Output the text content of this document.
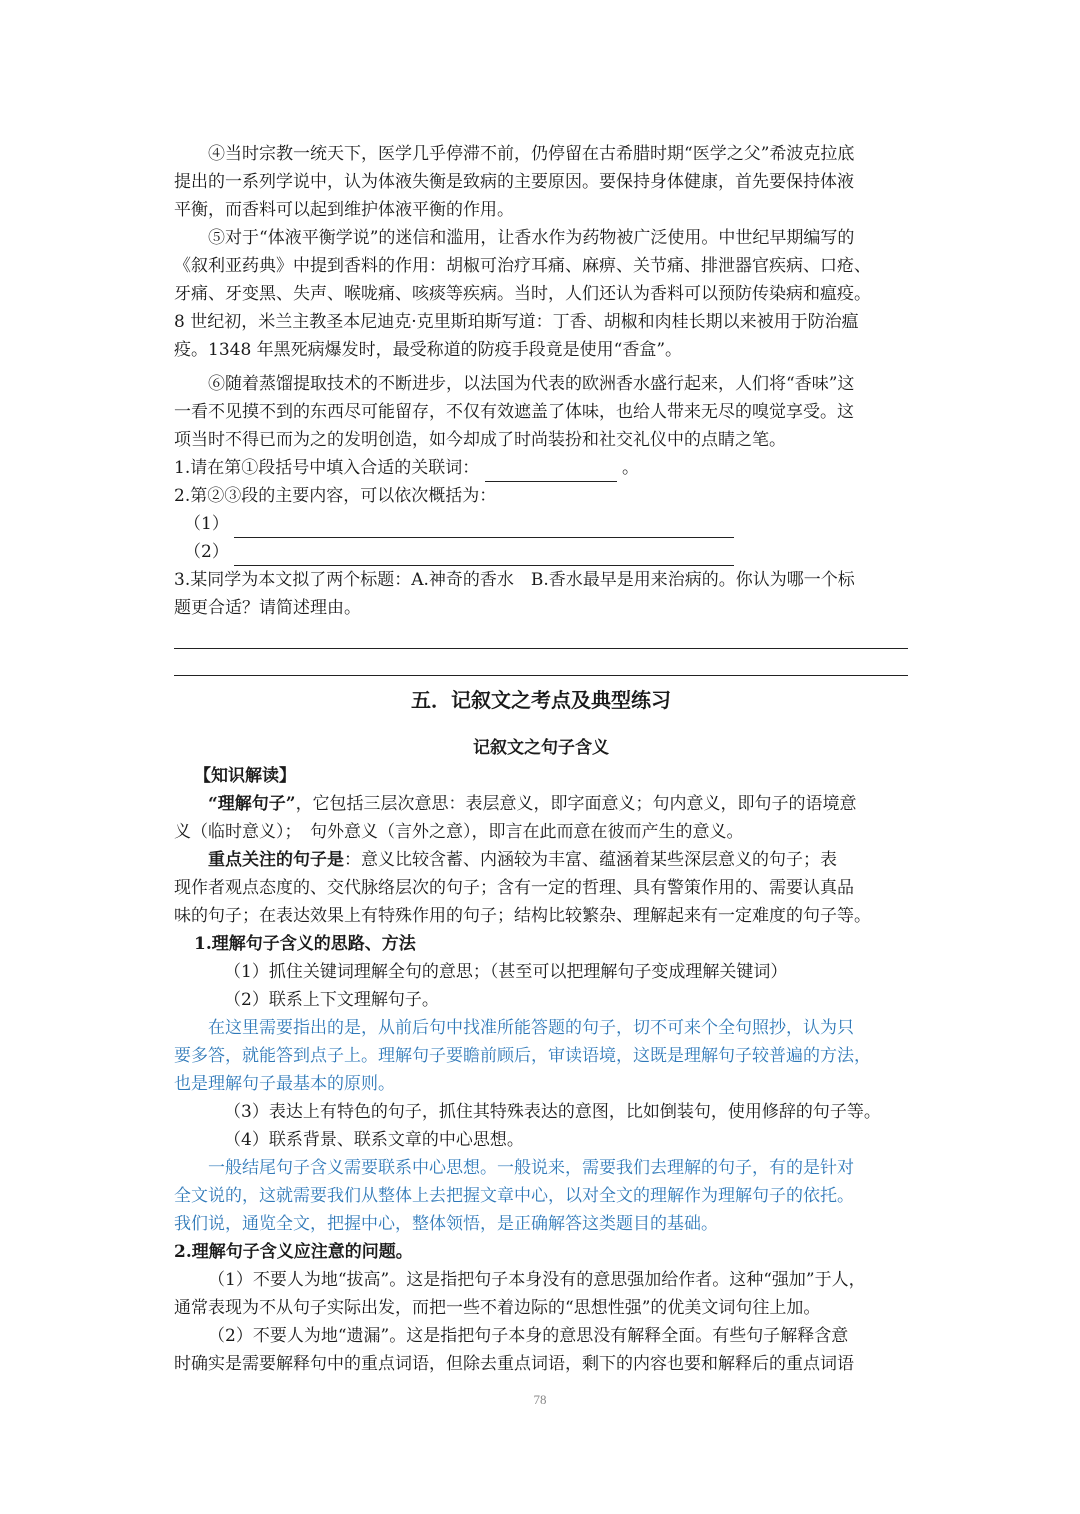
④当时宗教一统天下，医学几乎停滞不前，仍停留在古希腊时期“医学之父”希波克拉底
提出的一系列学说中，认为体液失衡是致病的主要原因。要保持身体健康，首先要保持体液
平衡，而香料可以起到维护体液平衡的作用。
⑤对于“体液平衡学说”的迷信和滥用，让香水作为药物被广泛使用。中世纪早期编写的
《叙利亚药典》中提到香料的作用：胡椒可治疗耳痛、麻痹、关节痛、排泄器官疾病、口疮、
牙痛、牙变黑、失声、喉咙痛、咳痰等疾病。当时，人们还认为香料可以预防传染病和瘟疫。
8 世纪初，米兰主教圣本尼迪克·克里斯珀斯写道：丁香、胡椒和肉桂长期以来被用于防治瘟
疫。1348 年黑死病爆发时，最受称道的防疫手段竟是使用“香盒”。
⑥随着蒸馏提取技术的不断进步，以法国为代表的欧洲香水盛行起来，人们将“香味”这
一看不见摸不到的东西尽可能留存，不仅有效遮盖了体味，也给人带来无尽的嗅觉享受。这
项当时不得已而为之的发明创造，如今却成了时尚装扮和社交礼仪中的点睛之笔。
1.请在第①段括号中填入合适的关联词：	。
2.第②③段的主要内容，可以依次概括为：
（1）
（2）
3.某同学为本文拟了两个标题：A.神奇的香水　B.香水最早是用来治病的。你认为哪一个标
题更合适？请简述理由。
五．记叙文之考点及典型练习
记叙文之句子含义
【知识解读】
“理解句子”，它包括三层次意思：表层意义，即字面意义；句内意义，即句子的语境意
义（临时意义）；　句外意义（言外之意），即言在此而意在彼而产生的意义。
重点关注的句子是：意义比较含蓄、内涵较为丰富、蕴涵着某些深层意义的句子；表
现作者观点态度的、交代脉络层次的句子；含有一定的哲理、具有警策作用的、需要认真品
味的句子；在表达效果上有特殊作用的句子；结构比较繁杂、理解起来有一定难度的句子等。
1.理解句子含义的思路、方法
（1）抓住关键词理解全句的意思；（甚至可以把理解句子变成理解关键词）
（2）联系上下文理解句子。
在这里需要指出的是，从前后句中找准所能答题的句子，切不可来个全句照抄，认为只
要多答，就能答到点子上。理解句子要瞻前顾后，审读语境，这既是理解句子较普遍的方法，
也是理解句子最基本的原则。
（3）表达上有特色的句子，抓住其特殊表达的意图，比如倒装句，使用修辞的句子等。
（4）联系背景、联系文章的中心思想。
一般结尾句子含义需要联系中心思想。一般说来，需要我们去理解的句子，有的是针对
全文说的，这就需要我们从整体上去把握文章中心，以对全文的理解作为理解句子的依托。
我们说，通览全文，把握中心，整体领悟，是正确解答这类题目的基础。
2.理解句子含义应注意的问题。
（1）不要人为地“拔高”。这是指把句子本身没有的意思强加给作者。这种“强加”于人，
通常表现为不从句子实际出发，而把一些不着边际的“思想性强”的优美文词句往上加。
（2）不要人为地“遗漏”。这是指把句子本身的意思没有解释全面。有些句子解释含意
时确实是需要解释句中的重点词语，但除去重点词语，剩下的内容也要和解释后的重点词语
78
